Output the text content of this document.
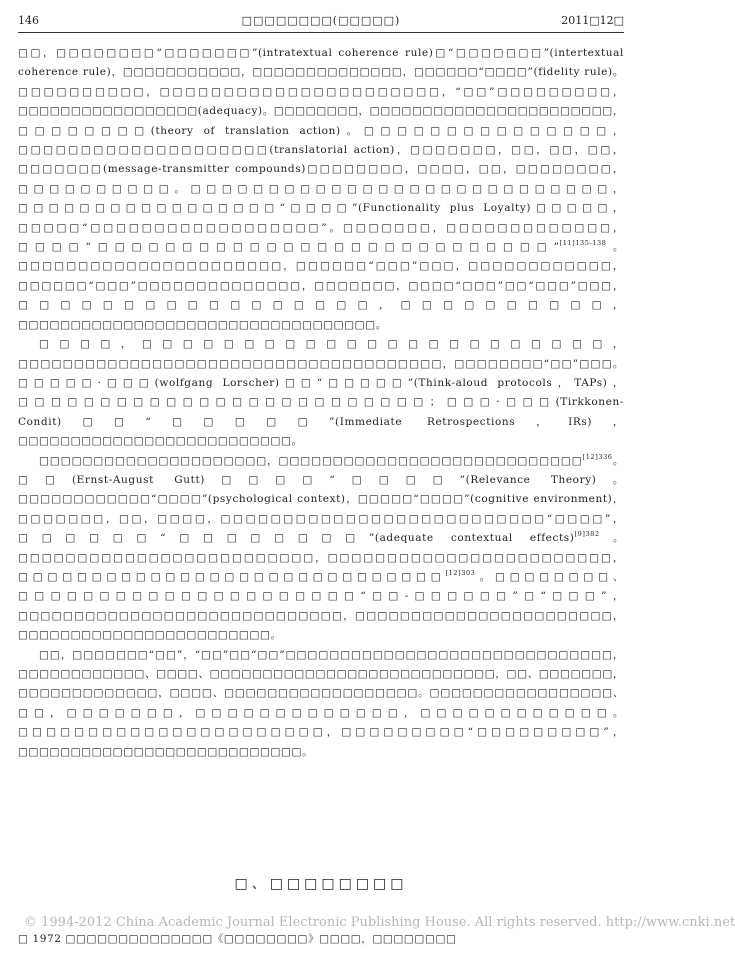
146	□□□□□□□□(□□□□□)	2011□12□

□□，□□□□□□□□“□□□□□□□”(intratextual coherence rule)□“□□□□□□□”(intertextual coherence rule)，□□□□□□□□□□□，□□□□□□□□□□□□□□，□□□□□□“□□□□”(fidelity rule)。□□□□□□□□□□，□□□□□□□□□□□□□□□□□□□□□□，“□□”□□□□□□□□□，□□□□□□□□□□□□□□□□□(adequacy)。□□□□□□□□，□□□□□□□□□□□□□□□□□□□□□□□，□□□□□□□□(theory of translation action)。□□□□□□□□□□□□□□□，□□□□□□□□□□□□□□□□□□□□(translatorial action)，□□□□□□□，□□，□□，□□，□□□□□□□(message-transmitter compounds)□□□□□□□□，□□□□，□□，□□□□□□□□，□□□□□□□□□□。□□□□□□□□□□□□□□□□□□□□□□□□□□□，□□□□□□□□□□□□□□□□□“□□□□”(Functionality plus Loyalty)□□□□□，□□□□□“□□□□□□□□□□□□□□□□□□”。□□□□□□□，□□□□□□□□□□□□□，□□□□“□□□□□□□□□□□□□□□□□□□□□□□□□□□”$^{[11]135-138}$。□□□□□□□□□□□□□□□□□□□□□□，□□□□□□“□□□”□□□，□□□□□□□□□□□□，□□□□□□“□□□”□□□□□□□□□□□□□□，□□□□□□□，□□□□“□□□”□□“□□□”□□□，□□□□□□□□□□□□□□□□□，□□□□□□□□□□，□□□□□□□□□□□□□□□□□□□□□□□□□□□□□□□□□□。

□□□□，□□□□□□□□□□□□□□□□□□□□□□□，□□□□□□□□□□□□□□□□□□□□□□□□□□□□□□□□□□□□□□，□□□□□□□□“□□”□□□。□□□□□·□□□(wolfgang Lorscher)□□“□□□□□”(Think-aloud protocols，TAPs)，□□□□□□□□□□□□□□□□□□□□□□□□□；□□□·□□□(Tirkkonen-Condit)□□“□□□□□”(Immediate Retrospections，IRs)，□□□□□□□□□□□□□□□□□□□□□□□□□□。

□□□□□□□□□□□□□□□□□□□□□，□□□□□□□□□□□□□□□□□□□□□□□□□□□□$^{[12]336}$。□□(Ernst-August Gutt)□□□□“□□□□”(Relevance Theory)。□□□□□□□□□□□□“□□□□”(psychological context)，□□□□□“□□□□”(cognitive environment)，□□□□□□□，□□，□□□□，□□□□□□□□□□□□□□□□□□□□□□□□□□“□□□□”，□□□□□□“□□□□□□□□”(adequate contextual effects)$^{[9]382}$。□□□□□□□□□□□□□□□□□□□□□□□□□，□□□□□□□□□□□□□□□□□□□□□□□□，□□□□□□□□□□□□□□□□□□□□□□□□□□□□□$^{[12]303}$。□□□□□□□□、□□□□□□□□□□□□□□□□□□□□□“□□-□□□□□□”□“□□□”，□□□□□□□□□□□□□□□□□□□□□□□□□□□□□，□□□□□□□□□□□□□□□□□□□□□□□，□□□□□□□□□□□□□□□□□□□□□□□□。

□□，□□□□□□□“□□”，“□□”□□“□□”□□□□□□□□□□□□□□□□□□□□□□□□□□□□□□，□□□□□□□□□□□□、□□□□、□□□□□□□□□□□□□□□□□□□□□□□□□□□，□□、□□□□□□□，□□□□□□□□□□□□□，□□□□、□□□□□□□□□□□□□□□□□□。□□□□□□□□□□□□□□□□□、□□，□□□□□□□，□□□□□□□□□□□□□，□□□□□□□□□□□□。□□□□□□□□□□□□□□□□□□□□□□，□□□□□□□□□“□□□□□□□□□”，□□□□□□□□□□□□□□□□□□□□□□□□□□□。

□、□□□□□□□□
© 1994-2012 China Academic Journal Electronic Publishing House. All rights reserved. http://www.cnki.net
□ 1972 □□□□□□□□□□□□□□《□□□□□□□□》□□□□，□□□□□□□□
